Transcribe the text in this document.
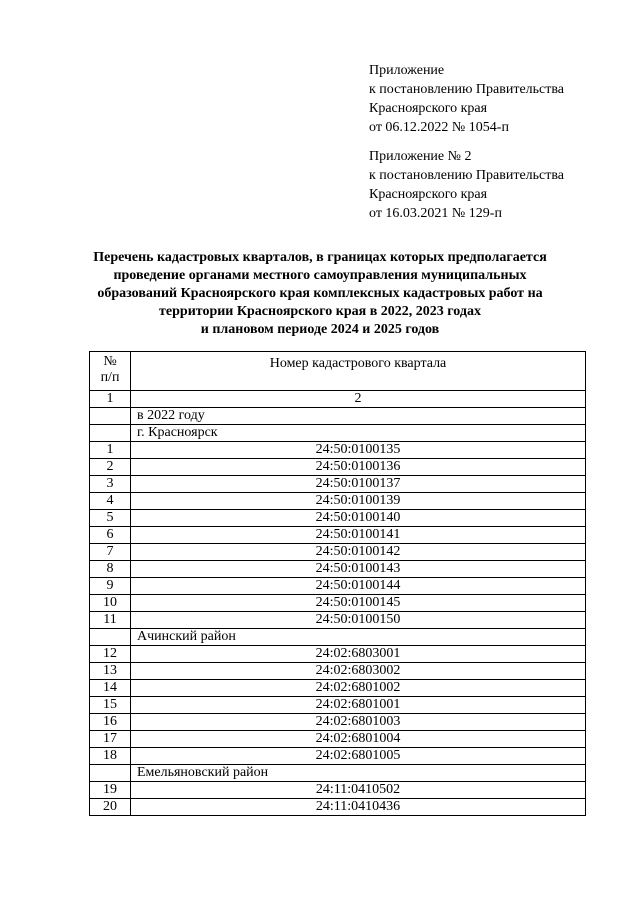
Приложение
к постановлению Правительства
Красноярского края
от 06.12.2022 № 1054-п
Приложение № 2
к постановлению Правительства
Красноярского края
от 16.03.2021 № 129-п
Перечень кадастровых кварталов, в границах которых предполагается
проведение органами местного самоуправления муниципальных
образований Красноярского края комплексных кадастровых работ на
территории Красноярского края в 2022, 2023 годах
и плановом периоде 2024 и 2025 годов
№
п/п	Номер кадастрового квартала
1	2
	в 2022 году
	г. Красноярск
1	24:50:0100135
2	24:50:0100136
3	24:50:0100137
4	24:50:0100139
5	24:50:0100140
6	24:50:0100141
7	24:50:0100142
8	24:50:0100143
9	24:50:0100144
10	24:50:0100145
11	24:50:0100150
	Ачинский район
12	24:02:6803001
13	24:02:6803002
14	24:02:6801002
15	24:02:6801001
16	24:02:6801003
17	24:02:6801004
18	24:02:6801005
	Емельяновский район
19	24:11:0410502
20	24:11:0410436
